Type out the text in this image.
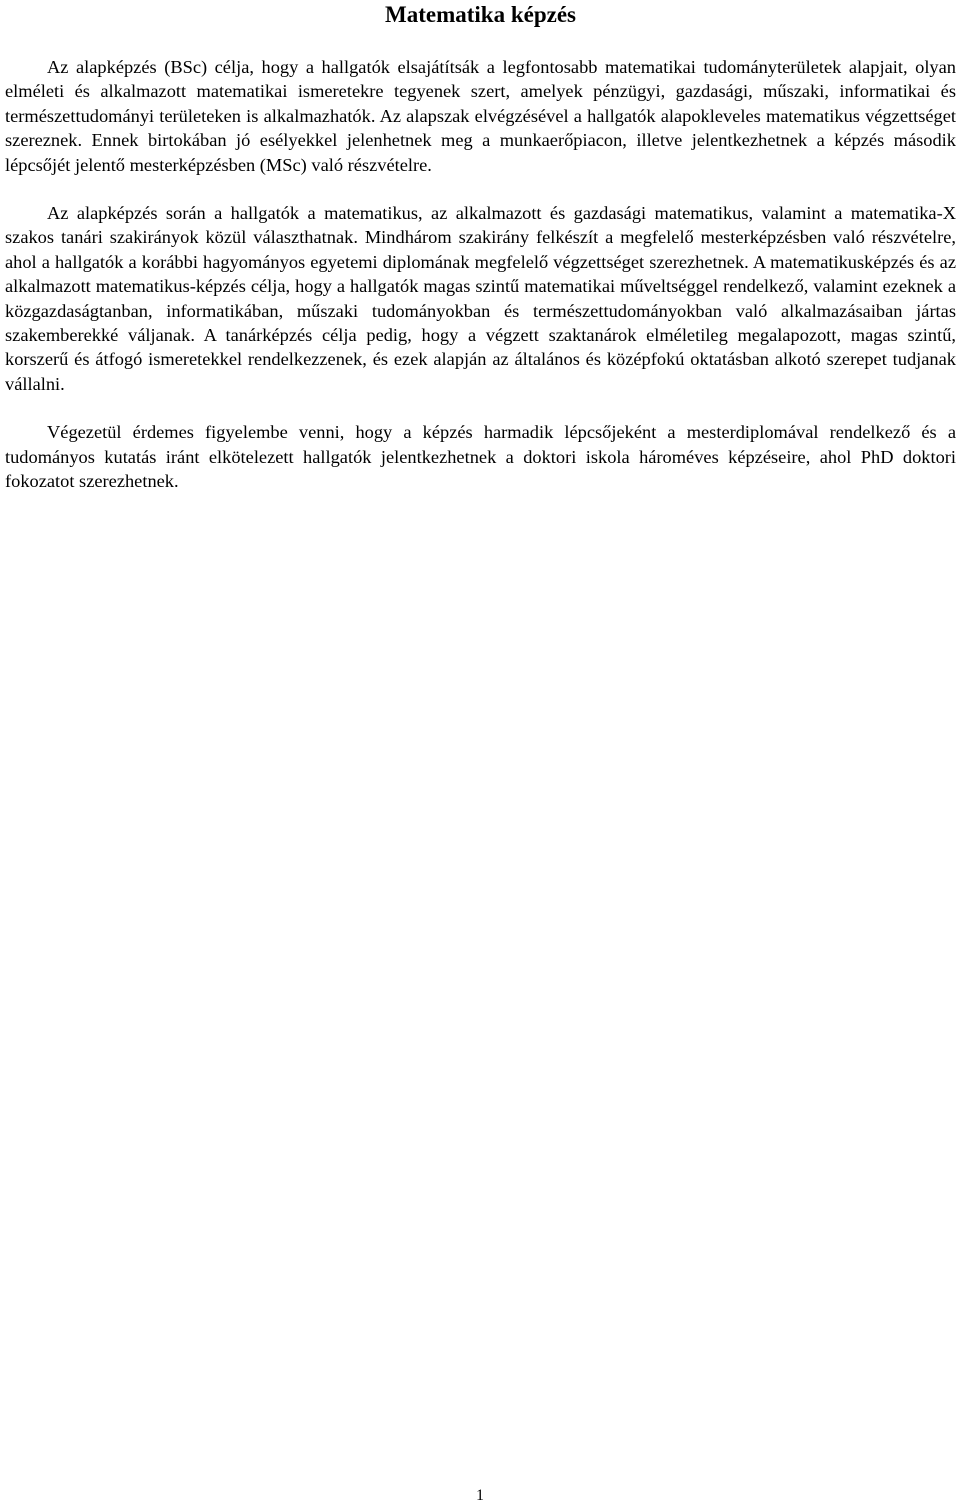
Matematika képzés

Az alapképzés (BSc) célja, hogy a hallgatók elsajátítsák a legfontosabb matematikai tudományterületek alapjait, olyan elméleti és alkalmazott matematikai ismeretekre tegyenek szert, amelyek pénzügyi, gazdasági, műszaki, informatikai és természettudományi területeken is alkalmazhatók. Az alapszak elvégzésével a hallgatók alapokleveles matematikus végzettséget szereznek. Ennek birtokában jó esélyekkel jelenhetnek meg a munkaerőpiacon, illetve jelentkezhetnek a képzés második lépcsőjét jelentő mesterképzésben (MSc) való részvételre.

Az alapképzés során a hallgatók a matematikus, az alkalmazott és gazdasági matematikus, valamint a matematika-X szakos tanári szakirányok közül választhatnak. Mindhárom szakirány felkészít a megfelelő mesterképzésben való részvételre, ahol a hallgatók a korábbi hagyományos egyetemi diplomának megfelelő végzettséget szerezhetnek. A matematikusképzés és az alkalmazott matematikus-képzés célja, hogy a hallgatók magas szintű matematikai műveltséggel rendelkező, valamint ezeknek a közgazdaságtanban, informatikában, műszaki tudományokban és természettudományokban való alkalmazásaiban jártas szakemberekké váljanak. A tanárképzés célja pedig, hogy a végzett szaktanárok elméletileg megalapozott, magas szintű, korszerű és átfogó ismeretekkel rendelkezzenek, és ezek alapján az általános és középfokú oktatásban alkotó szerepet tudjanak vállalni.

Végezetül érdemes figyelembe venni, hogy a képzés harmadik lépcsőjeként a mesterdiplomával rendelkező és a tudományos kutatás iránt elkötelezett hallgatók jelentkezhetnek a doktori iskola hároméves képzéseire, ahol PhD doktori fokozatot szerezhetnek.

1
